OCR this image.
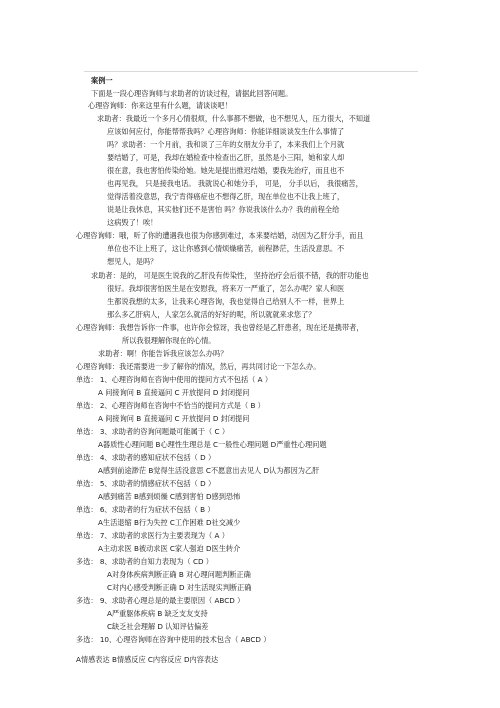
案例一
下面是一段心理咨询师与求助者的访谈过程，请据此回答问题。
心理咨询师：你来这里有什么题，请谈谈吧！
求助者：我最近一个多月心情很烦，什么事都不想做，也不想见人，压力很大，不知道
应该如何应付，你能帮帮我吗？心理咨询师：你能详细谈谈发生什么事情了
吗？求助者：一个月前，我和谈了三年的女朋友分手了，本来我们上个月就
要结婚了，可是，我却在婚检查中检查出乙肝，虽然是小三阳，她和家人却
很在意，我也害怕传染给她。她先是提出推迟结婚，要我先治疗，而且也不
也再见我， 只是接我电话。 我就说心和她分手， 可是， 分手以后， 我很痛苦，
觉得活着没意思，我宁肯得癌症也不想得乙肝，现在单位也不让我上班了，
说是让我休息，其实他们还不是害怕 吗？你说我该什么办？我的前程全给
这病毁了！唉！
心理咨询师：哦，听了你的遭遇我也很为你感到难过，本来要结婚，动因为乙肝分手，而且
单位也不让上班了，这让你感到心情烦燥痛苦，前程渺茫，生活没意思。不
想见人，是吗？
求助者：是的， 可是医生说我的乙肝没有传染性， 坚持治疗会后很不错，我的肝功能也
很好。我却很害怕医生是在安慰我，将来万一严重了，怎么办呢？家人和医
生都说我想的太多，让我来心理咨询，我也觉得自己给别人不一样，世界上
那么多乙肝病人，人家怎么就活的好好的呢，所以就就来求您了？
心理咨询师：我想告诉你一件事，也许你会惊讶，我也曾经是乙肝患者，现在还是携带者，
所以我很理解你现在的心情。
求助者：啊！你能告诉我应该怎么办吗？
心理咨询师：我还需要进一步了解你的情况，然后，再共同讨论一下怎么办。
单选： 1、心理咨询师在咨询中使用的提问方式不包括（ A ）
A 问接询问 B 直接逼问 C 开放提问 D 封闭提问
单选： 2、心理咨询师在咨询中不恰当的提问方式是（ B ）
A 间接询问 B 直接逼问 C 开放提问 D 封闭提问
单选： 3、求助者的咨询问题最可能属于（ C ）
A器质性心理问题 B心理性生理总是 C一般性心理问题 D严重性心理问题
单选： 4、求助者的感知症状不包括（ D ）
A感到前途渺茫 B觉得生活没意思 C不愿意出去见人 D认为都因为乙肝
单选： 5、求助者的情感症状不包括（ D ）
A感到痛苦 B感到烦燥 C感到害怕 D感到恐怖
单选： 6、求助者的行为症状不包括（ B ）
A生活退缩 B行为失控 C工作困难 D社交减少
单选： 7、求助者的求医行为主要表现为（ A ）
A主动求医 B被动求医 C家人强迫 D医生转介
多选： 8、求助者的自知力表现为（ CD ）
A对身体疾病判断正确 B 对心理问题判断正确
C对内心感受判断正确 D 对生活现实判断正确
多选： 9、求助者心理总是的最主要原因（ ABCD ）
A严重躯体疾病 B 缺乏支友支持
C缺乏社会理解 D 认知评估偏差
多选： 10、心理咨询师在咨询中使用的技术包含（ ABCD ）
A情感表达 B情感反应 C内容反应 D内容表达
